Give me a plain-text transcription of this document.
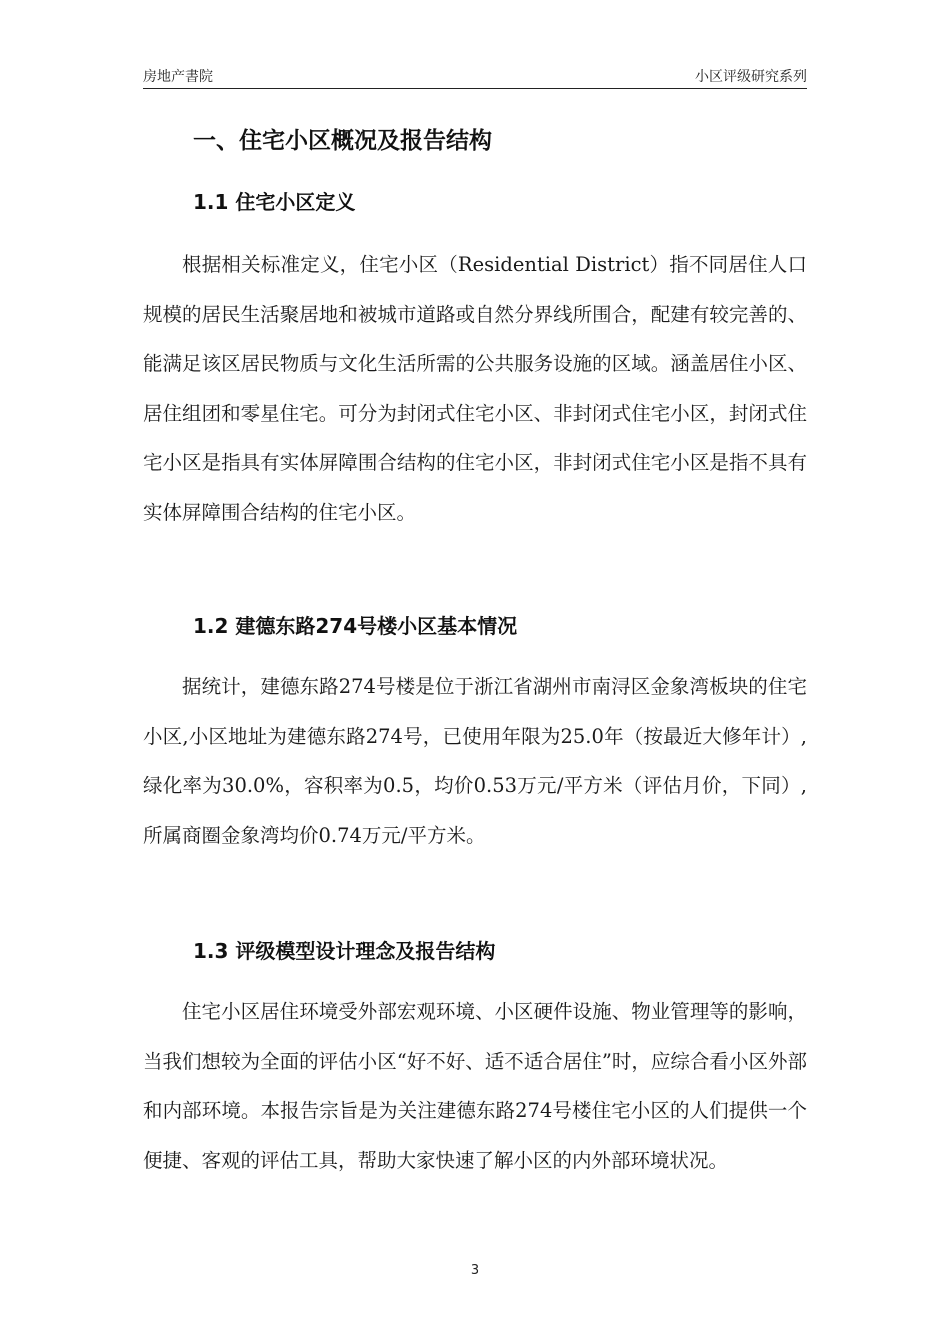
房地产書院	小区评级研究系列
一、住宅小区概况及报告结构
1.1 住宅小区定义

根据相关标准定义，住宅小区（Residential District）指不同居住人口规模的居民生活聚居地和被城市道路或自然分界线所围合，配建有较完善的、能满足该区居民物质与文化生活所需的公共服务设施的区域。涵盖居住小区、居住组团和零星住宅。可分为封闭式住宅小区、非封闭式住宅小区，封闭式住宅小区是指具有实体屏障围合结构的住宅小区，非封闭式住宅小区是指不具有实体屏障围合结构的住宅小区。

1.2 建德东路274号楼小区基本情况

据统计，建德东路274号楼是位于浙江省湖州市南浔区金象湾板块的住宅小区,小区地址为建德东路274号，已使用年限为25.0年（按最近大修年计）,绿化率为30.0%，容积率为0.5，均价0.53万元/平方米（评估月价，下同）,所属商圈金象湾均价0.74万元/平方米。

1.3 评级模型设计理念及报告结构

住宅小区居住环境受外部宏观环境、小区硬件设施、物业管理等的影响，当我们想较为全面的评估小区“好不好、适不适合居住”时，应综合看小区外部和内部环境。本报告宗旨是为关注建德东路274号楼住宅小区的人们提供一个便捷、客观的评估工具，帮助大家快速了解小区的内外部环境状况。

3
